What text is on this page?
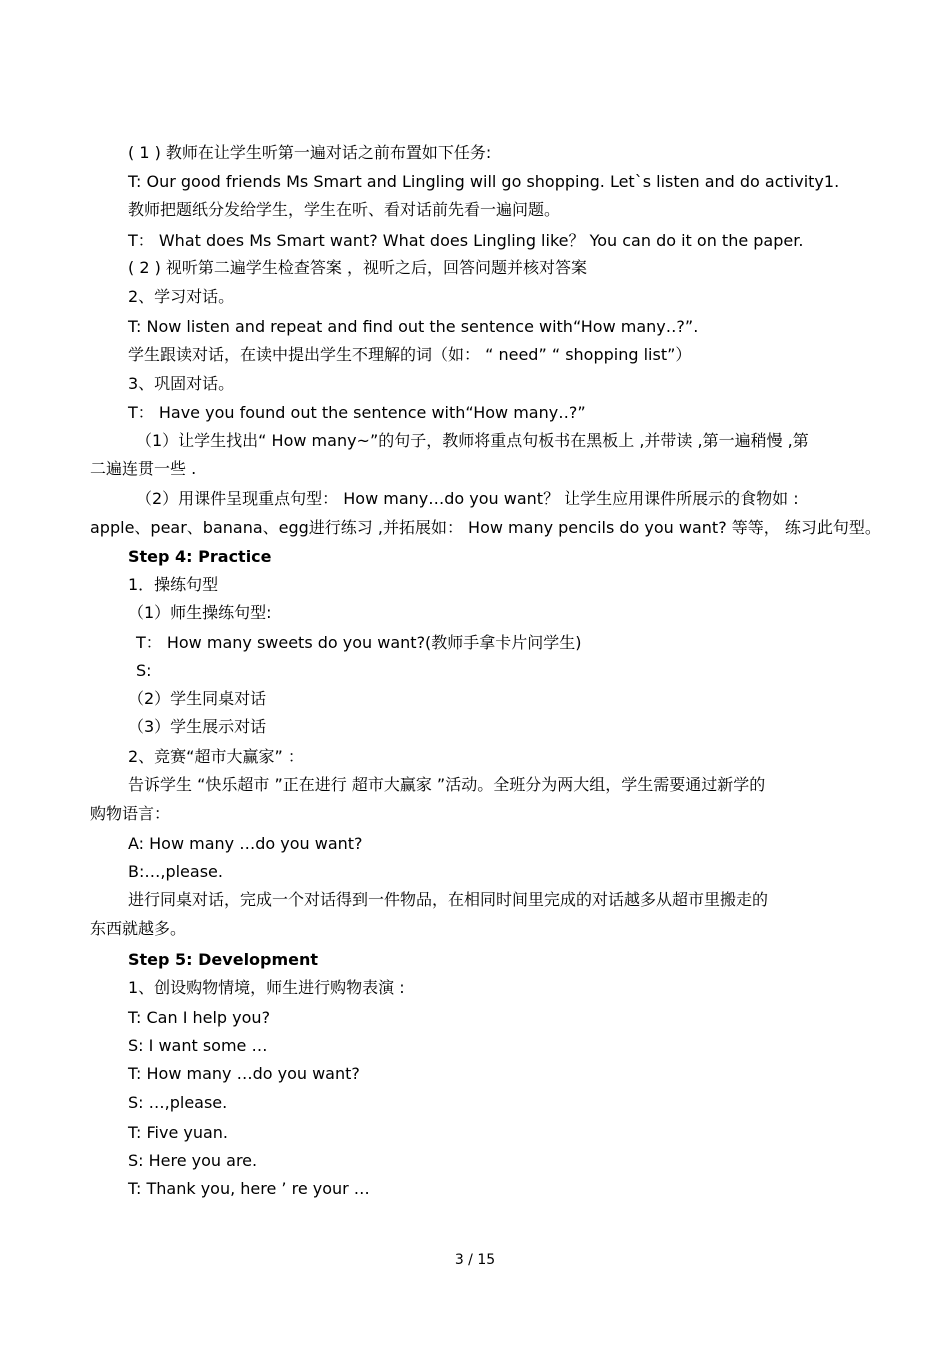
( 1 ) 教师在让学生听第一遍对话之前布置如下任务:
T: Our good friends Ms Smart and Lingling will go shopping. Let`s listen and do activity1.
教师把题纸分发给学生，学生在听、看对话前先看一遍问题。
T： What does Ms Smart want? What does Lingling like？ You can do it on the paper.
( 2 ) 视听第二遍学生检查答案 ，视听之后，回答问题并核对答案
2、学习对话。
T: Now listen and repeat and find out the sentence with“How many‥?”.
学生跟读对话，在读中提出学生不理解的词（如： “ need” “ shopping list”）
3、巩固对话。
T： Have you found out the sentence with“How many‥?”
（1）让学生找出“ How many~”的句子，教师将重点句板书在黑板上 ,并带读 ,第一遍稍慢 ,第
二遍连贯一些 .
（2）用课件呈现重点句型： How many…do you want？ 让学生应用课件所展示的食物如 :
apple、pear、banana、egg进行练习 ,并拓展如： How many pencils do you want? 等等， 练习此句型。
Step 4: Practice
1．操练句型
（1）师生操练句型:
T： How many sweets do you want?(教师手拿卡片问学生)
S:
（2）学生同桌对话
（3）学生展示对话
2、竞赛“超市大赢家” ：
告诉学生 “快乐超市 ”正在进行 超市大赢家 ”活动。全班分为两大组，学生需要通过新学的
购物语言：
A: How many …do you want?
B:…,please.
进行同桌对话，完成一个对话得到一件物品，在相同时间里完成的对话越多从超市里搬走的
东西就越多。
Step 5: Development
1、创设购物情境，师生进行购物表演 :
T: Can I help you?
S: I want some …
T: How many …do you want?
S: …,please.
T: Five yuan.
S: Here you are.
T: Thank you, here ’ re your …
3 / 15
